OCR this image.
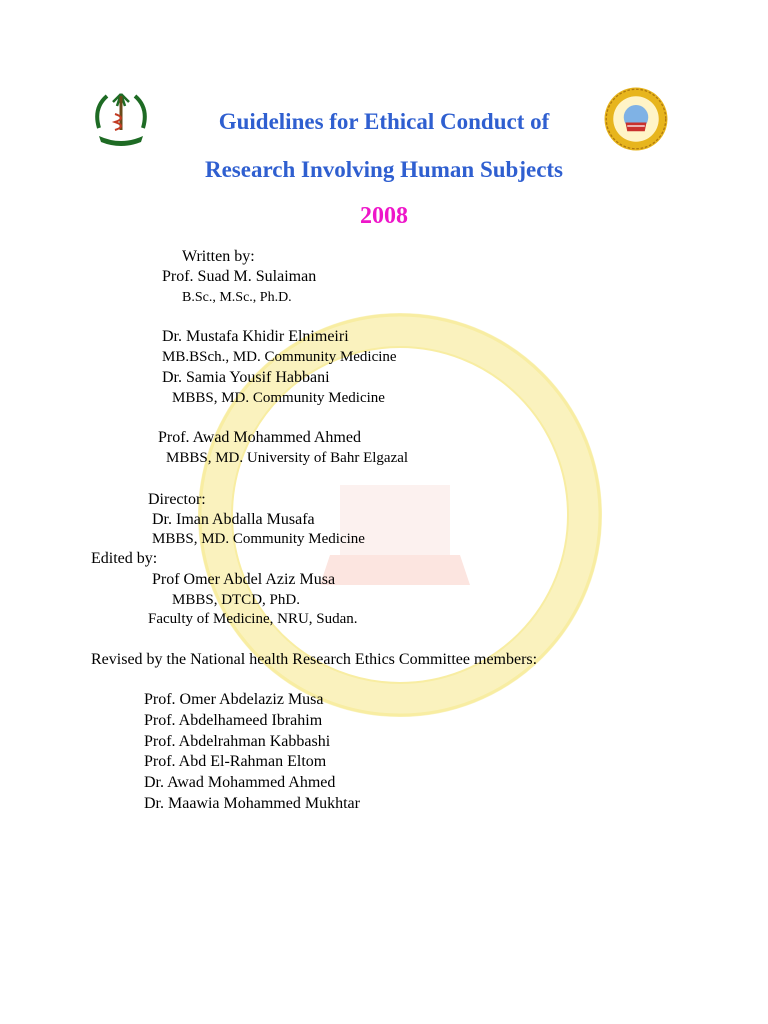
Guidelines for Ethical Conduct of
Research Involving Human Subjects
2008
Written by:
Prof. Suad M. Sulaiman
B.Sc., M.Sc., Ph.D.
Dr. Mustafa Khidir Elnimeiri
MB.BSch., MD. Community Medicine
Dr. Samia Yousif Habbani
MBBS, MD. Community Medicine
Prof. Awad Mohammed Ahmed
MBBS, MD. University of Bahr Elgazal
Director:
Dr. Iman Abdalla Musafa
MBBS, MD. Community Medicine
Edited by:
Prof Omer Abdel Aziz Musa
MBBS, DTCD, PhD.
Faculty of Medicine, NRU, Sudan.
Revised by the National health Research Ethics Committee members:
Prof. Omer Abdelaziz Musa
Prof. Abdelhameed Ibrahim
Prof. Abdelrahman Kabbashi
Prof. Abd El-Rahman Eltom
Dr. Awad Mohammed Ahmed
Dr. Maawia Mohammed Mukhtar
